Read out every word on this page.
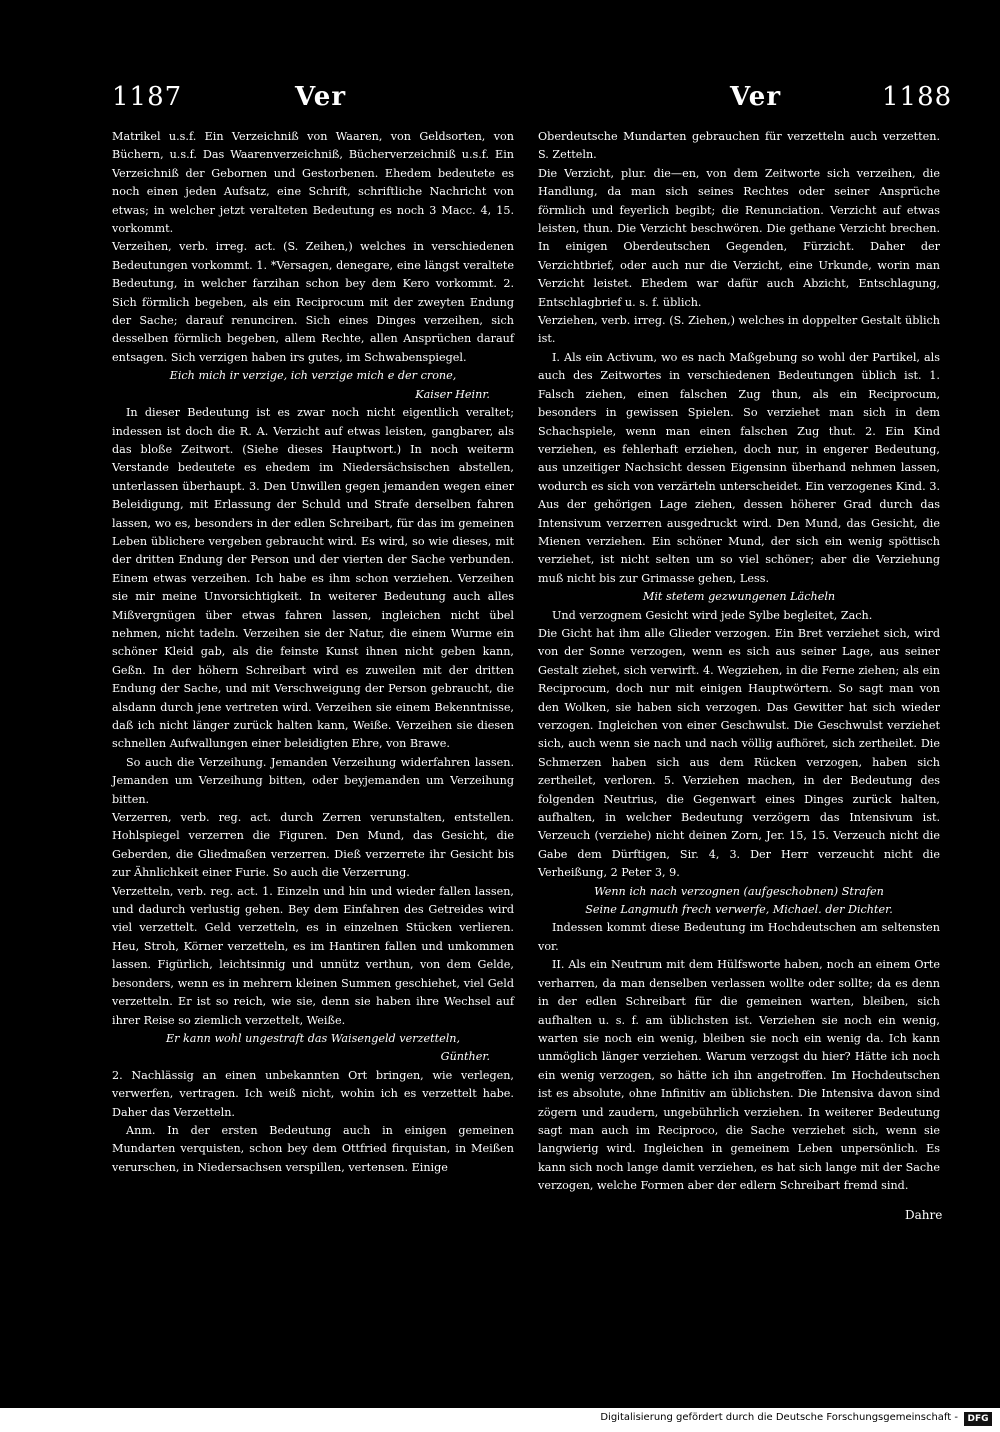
1187	Ver	Ver	1188

Matrikel u.s.f. Ein Verzeichniß von Waaren, von Geldsorten, von Büchern, u.s.f. Das Waarenverzeichniß, Bücherverzeichniß u.s.f. Ein Verzeichniß der Gebornen und Gestorbenen. Ehedem bedeutete es noch einen jeden Aufsatz, eine Schrift, schriftliche Nachricht von etwas; in welcher jetzt veralteten Bedeutung es noch 3 Macc. 4, 15. vorkommt.

Verzeihen, verb. irreg. act. (S. Zeihen,) welches in verschiedenen Bedeutungen vorkommt. 1. *Versagen, denegare, eine längst veraltete Bedeutung, in welcher farzihan schon bey dem Kero vorkommt. 2. Sich förmlich begeben, als ein Reciprocum mit der zweyten Endung der Sache; darauf renunciren. Sich eines Dinges verzeihen, sich desselben förmlich begeben, allem Rechte, allen Ansprüchen darauf entsagen. Sich verzigen haben irs gutes, im Schwabenspiegel.

Eich mich ir verzige, ich verzige mich e der crone,

Kaiser Heinr.

In dieser Bedeutung ist es zwar noch nicht eigentlich veraltet; indessen ist doch die R. A. Verzicht auf etwas leisten, gangbarer, als das bloße Zeitwort. (Siehe dieses Hauptwort.) In noch weiterm Verstande bedeutete es ehedem im Niedersächsischen abstellen, unterlassen überhaupt. 3. Den Unwillen gegen jemanden wegen einer Beleidigung, mit Erlassung der Schuld und Strafe derselben fahren lassen, wo es, besonders in der edlen Schreibart, für das im gemeinen Leben üblichere vergeben gebraucht wird. Es wird, so wie dieses, mit der dritten Endung der Person und der vierten der Sache verbunden. Einem etwas verzeihen. Ich habe es ihm schon verziehen. Verzeihen sie mir meine Unvorsichtigkeit. In weiterer Bedeutung auch alles Mißvergnügen über etwas fahren lassen, ingleichen nicht übel nehmen, nicht tadeln. Verzeihen sie der Natur, die einem Wurme ein schöner Kleid gab, als die feinste Kunst ihnen nicht geben kann, Geßn. In der höhern Schreibart wird es zuweilen mit der dritten Endung der Sache, und mit Verschweigung der Person gebraucht, die alsdann durch jene vertreten wird. Verzeihen sie einem Bekenntnisse, daß ich nicht länger zurück halten kann, Weiße. Verzeihen sie diesen schnellen Aufwallungen einer beleidigten Ehre, von Brawe.

So auch die Verzeihung. Jemanden Verzeihung widerfahren lassen. Jemanden um Verzeihung bitten, oder beyjemanden um Verzeihung bitten.

Verzerren, verb. reg. act. durch Zerren verunstalten, entstellen. Hohlspiegel verzerren die Figuren. Den Mund, das Gesicht, die Geberden, die Gliedmaßen verzerren. Dieß verzerrete ihr Gesicht bis zur Ähnlichkeit einer Furie. So auch die Verzerrung.

Verzetteln, verb. reg. act. 1. Einzeln und hin und wieder fallen lassen, und dadurch verlustig gehen. Bey dem Einfahren des Getreides wird viel verzettelt. Geld verzetteln, es in einzelnen Stücken verlieren. Heu, Stroh, Körner verzetteln, es im Hantiren fallen und umkommen lassen. Figürlich, leichtsinnig und unnütz verthun, von dem Gelde, besonders, wenn es in mehrern kleinen Summen geschiehet, viel Geld verzetteln. Er ist so reich, wie sie, denn sie haben ihre Wechsel auf ihrer Reise so ziemlich verzettelt, Weiße.

Er kann wohl ungestraft das Waisengeld verzetteln,

Günther.

2. Nachlässig an einen unbekannten Ort bringen, wie verlegen, verwerfen, vertragen. Ich weiß nicht, wohin ich es verzettelt habe. Daher das Verzetteln.

Anm. In der ersten Bedeutung auch in einigen gemeinen Mundarten verquisten, schon bey dem Ottfried firquistan, in Meißen verurschen, in Niedersachsen verspillen, vertensen. Einige

Oberdeutsche Mundarten gebrauchen für verzetteln auch verzetten. S. Zetteln.

Die Verzicht, plur. die—en, von dem Zeitworte sich verzeihen, die Handlung, da man sich seines Rechtes oder seiner Ansprüche förmlich und feyerlich begibt; die Renunciation. Verzicht auf etwas leisten, thun. Die Verzicht beschwören. Die gethane Verzicht brechen. In einigen Oberdeutschen Gegenden, Fürzicht. Daher der Verzichtbrief, oder auch nur die Verzicht, eine Urkunde, worin man Verzicht leistet. Ehedem war dafür auch Abzicht, Entschlagung, Entschlagbrief u. s. f. üblich.

Verziehen, verb. irreg. (S. Ziehen,) welches in doppelter Gestalt üblich ist.

I. Als ein Activum, wo es nach Maßgebung so wohl der Partikel, als auch des Zeitwortes in verschiedenen Bedeutungen üblich ist. 1. Falsch ziehen, einen falschen Zug thun, als ein Reciprocum, besonders in gewissen Spielen. So verziehet man sich in dem Schachspiele, wenn man einen falschen Zug thut. 2. Ein Kind verziehen, es fehlerhaft erziehen, doch nur, in engerer Bedeutung, aus unzeitiger Nachsicht dessen Eigensinn überhand nehmen lassen, wodurch es sich von verzärteln unterscheidet. Ein verzogenes Kind. 3. Aus der gehörigen Lage ziehen, dessen höherer Grad durch das Intensivum verzerren ausgedruckt wird. Den Mund, das Gesicht, die Mienen verziehen. Ein schöner Mund, der sich ein wenig spöttisch verziehet, ist nicht selten um so viel schöner; aber die Verziehung muß nicht bis zur Grimasse gehen, Less.

Mit stetem gezwungenen Lächeln

Und verzognem Gesicht wird jede Sylbe begleitet, Zach.

Die Gicht hat ihm alle Glieder verzogen. Ein Bret verziehet sich, wird von der Sonne verzogen, wenn es sich aus seiner Lage, aus seiner Gestalt ziehet, sich verwirft. 4. Wegziehen, in die Ferne ziehen; als ein Reciprocum, doch nur mit einigen Hauptwörtern. So sagt man von den Wolken, sie haben sich verzogen. Das Gewitter hat sich wieder verzogen. Ingleichen von einer Geschwulst. Die Geschwulst verziehet sich, auch wenn sie nach und nach völlig aufhöret, sich zertheilet. Die Schmerzen haben sich aus dem Rücken verzogen, haben sich zertheilet, verloren. 5. Verziehen machen, in der Bedeutung des folgenden Neutrius, die Gegenwart eines Dinges zurück halten, aufhalten, in welcher Bedeutung verzögern das Intensivum ist. Verzeuch (verziehe) nicht deinen Zorn, Jer. 15, 15. Verzeuch nicht die Gabe dem Dürftigen, Sir. 4, 3. Der Herr verzeucht nicht die Verheißung, 2 Peter 3, 9.

Wenn ich nach verzognen (aufgeschobnen) Strafen

Seine Langmuth frech verwerfe, Michael. der Dichter.

Indessen kommt diese Bedeutung im Hochdeutschen am seltensten vor.

II. Als ein Neutrum mit dem Hülfsworte haben, noch an einem Orte verharren, da man denselben verlassen wollte oder sollte; da es denn in der edlen Schreibart für die gemeinen warten, bleiben, sich aufhalten u. s. f. am üblichsten ist. Verziehen sie noch ein wenig, warten sie noch ein wenig, bleiben sie noch ein wenig da. Ich kann unmöglich länger verziehen. Warum verzogst du hier? Hätte ich noch ein wenig verzogen, so hätte ich ihn angetroffen. Im Hochdeutschen ist es absolute, ohne Infinitiv am üblichsten. Die Intensiva davon sind zögern und zaudern, ungebührlich verziehen. In weiterer Bedeutung sagt man auch im Reciproco, die Sache verziehet sich, wenn sie langwierig wird. Ingleichen in gemeinem Leben unpersönlich. Es kann sich noch lange damit verziehen, es hat sich lange mit der Sache verzogen, welche Formen aber der edlern Schreibart fremd sind.

Dahre
Digitalisierung gefördert durch die Deutsche Forschungsgemeinschaft -	DFG
